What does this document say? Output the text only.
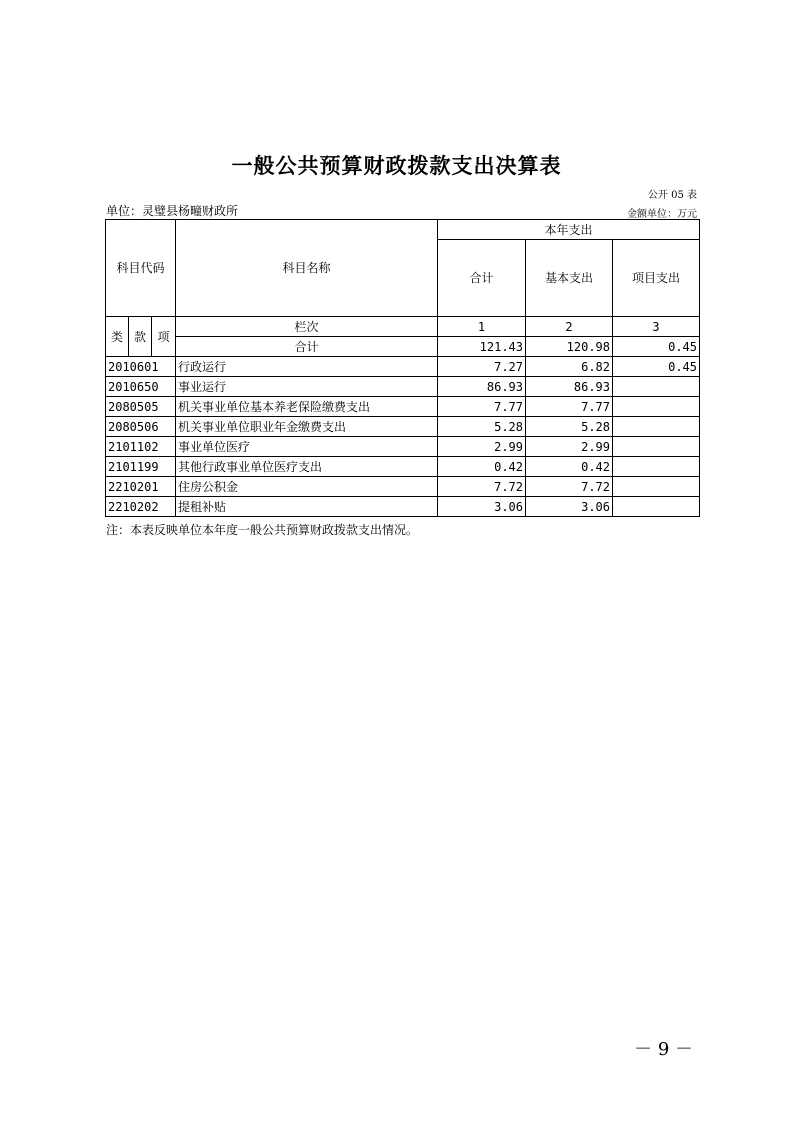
一般公共预算财政拨款支出决算表
公开 05 表
单位：灵璧县杨疃财政所	金额单位：万元
科目代码			科目名称	本年支出		
				合计	基本支出	项目支出

类	款	项	栏次	1	2	3
			合计	121.43	120.98	0.45
2010601			行政运行	7.27	6.82	0.45
2010650			事业运行	86.93	86.93	
2080505			机关事业单位基本养老保险缴费支出	7.77	7.77	
2080506			机关事业单位职业年金缴费支出	5.28	5.28	
2101102			事业单位医疗	2.99	2.99	
2101199			其他行政事业单位医疗支出	0.42	0.42	
2210201			住房公积金	7.72	7.72	
2210202			提租补贴	3.06	3.06	
注：本表反映单位本年度一般公共预算财政拨款支出情况。
－ 9 －
